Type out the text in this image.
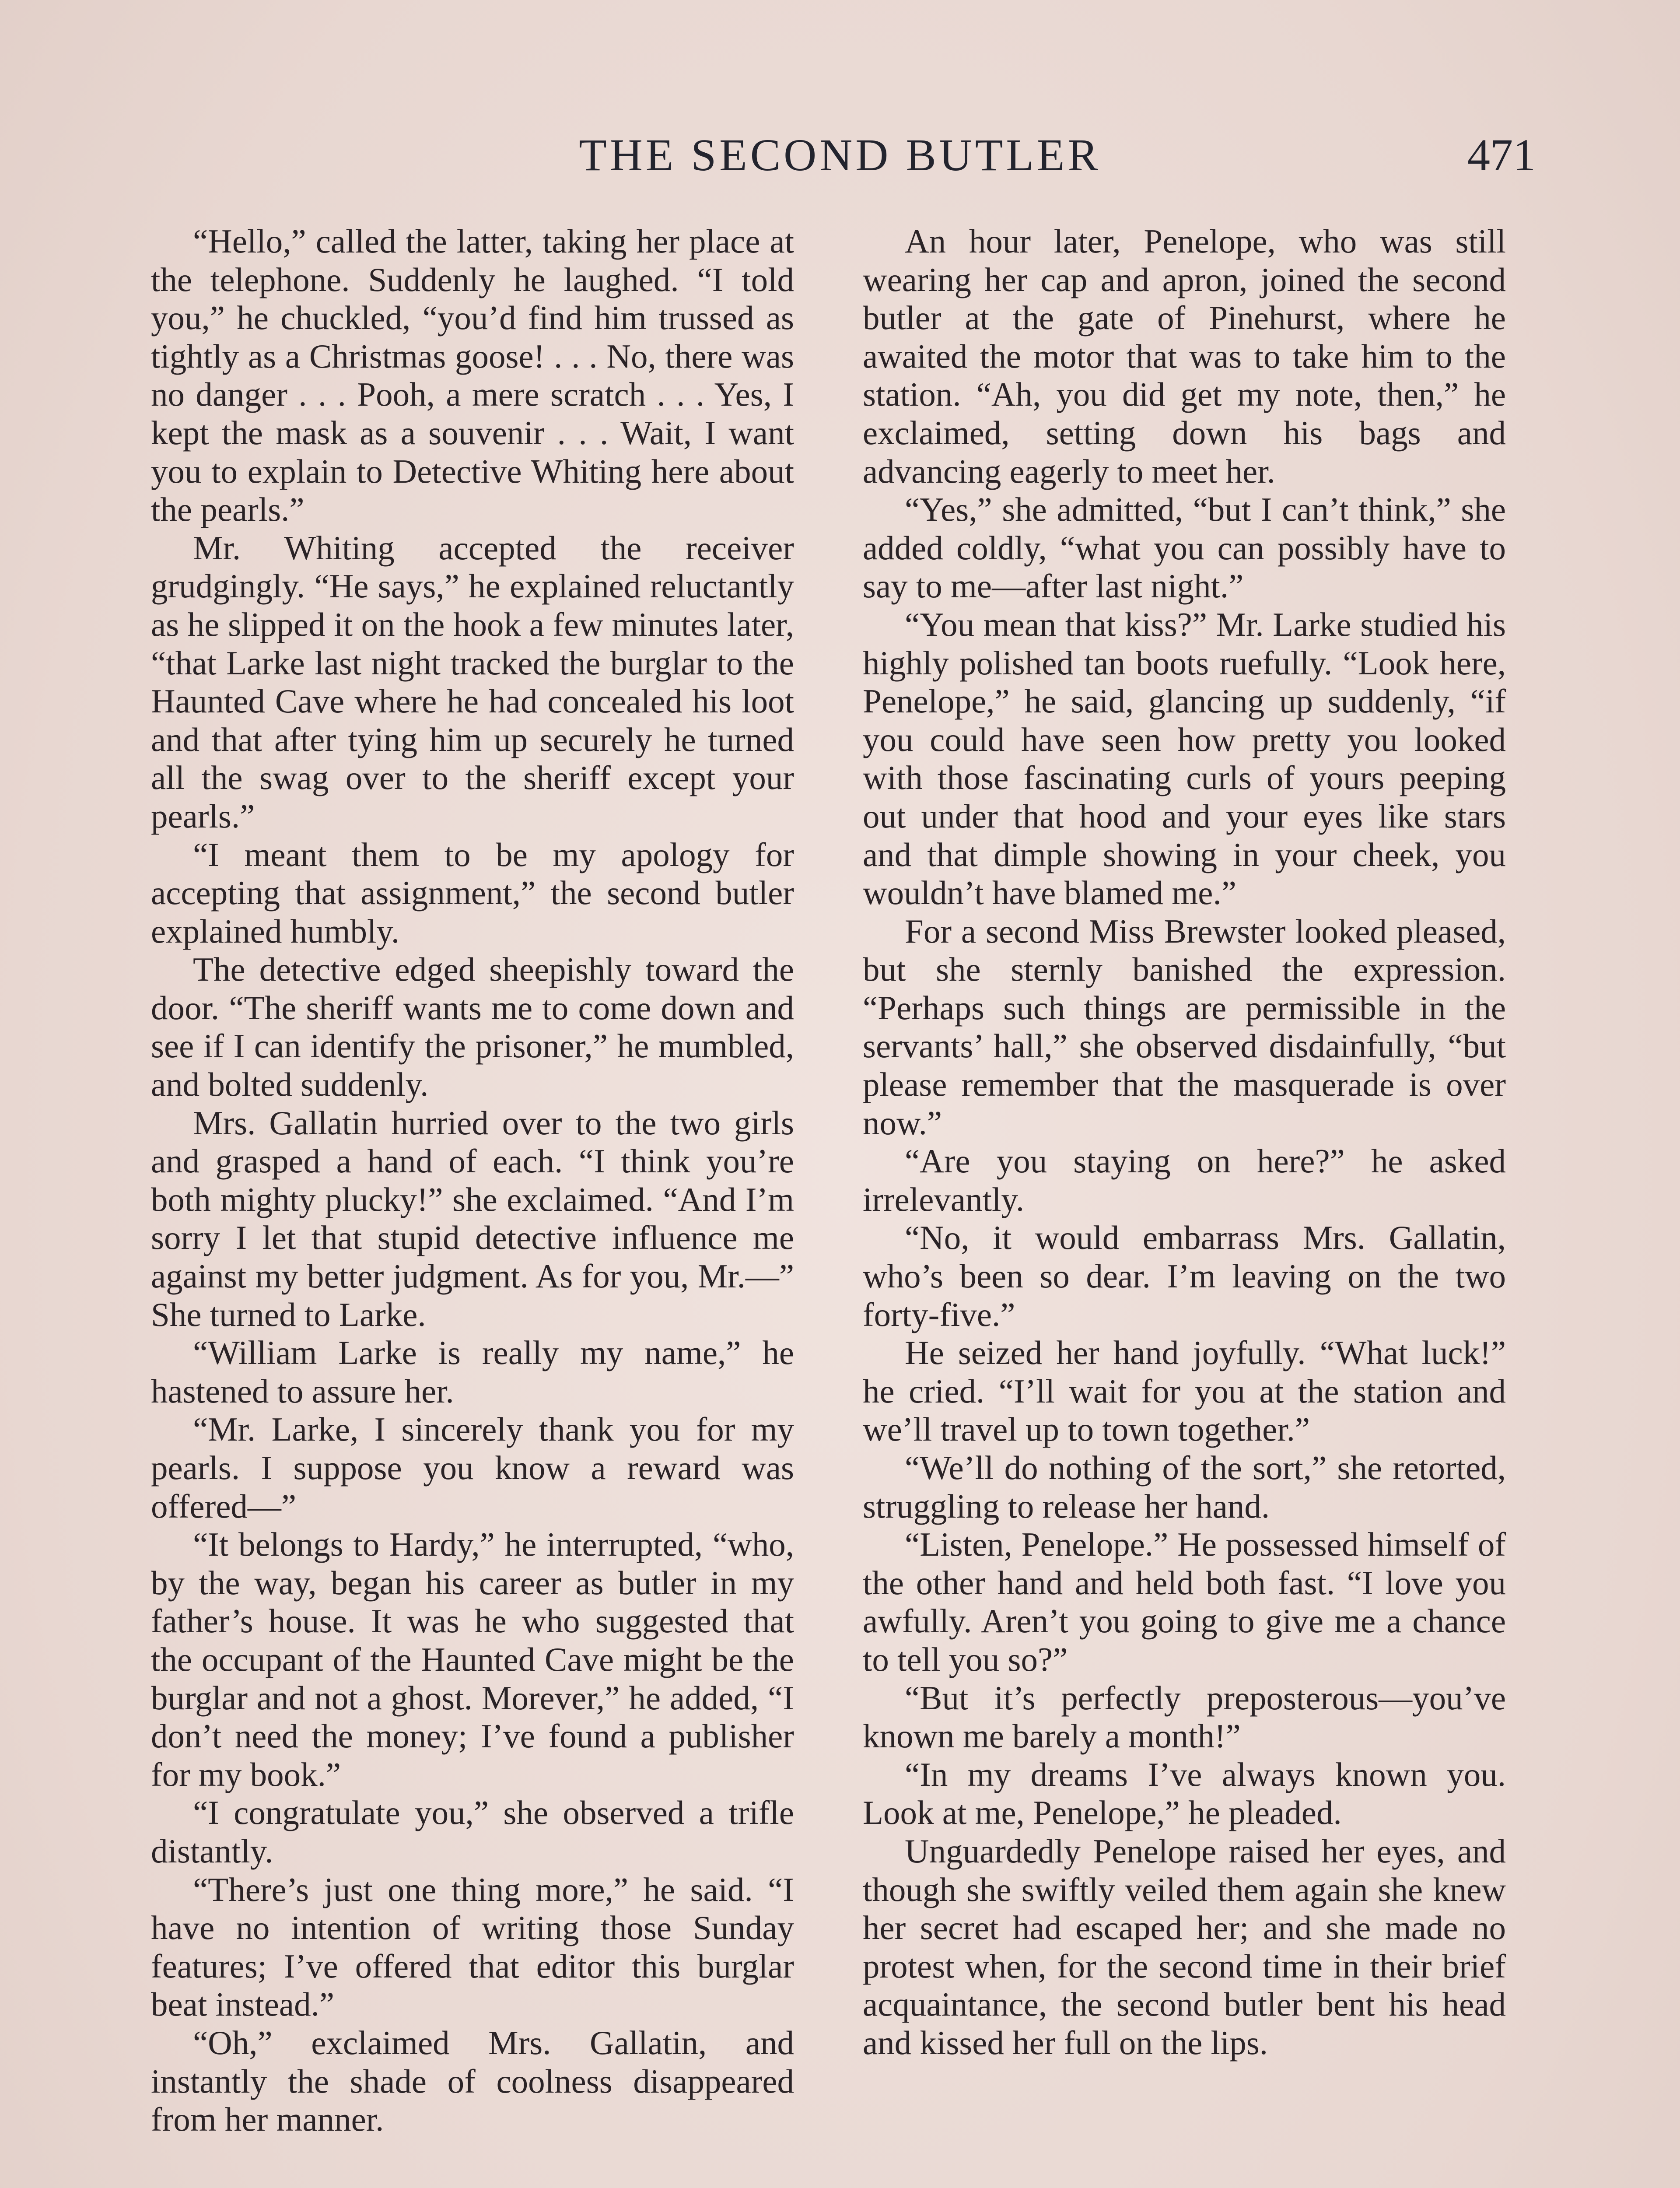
THE SECOND BUTLER	471

“Hello,” called the latter, taking her place at the telephone. Suddenly he laughed. “I told you,” he chuckled, “you’d find him trussed as tightly as a Christmas goose! . . . No, there was no danger . . . Pooh, a mere scratch . . . Yes, I kept the mask as a souvenir . . . Wait, I want you to explain to Detective Whiting here about the pearls.”

Mr. Whiting accepted the receiver grudgingly. “He says,” he explained reluctantly as he slipped it on the hook a few minutes later, “that Larke last night tracked the burglar to the Haunted Cave where he had concealed his loot and that after tying him up securely he turned all the swag over to the sheriff except your pearls.”

“I meant them to be my apology for accepting that assignment,” the second butler explained humbly.

The detective edged sheepishly toward the door. “The sheriff wants me to come down and see if I can identify the prisoner,” he mumbled, and bolted suddenly.

Mrs. Gallatin hurried over to the two girls and grasped a hand of each. “I think you’re both mighty plucky!” she exclaimed. “And I’m sorry I let that stupid detective influence me against my better judgment. As for you, Mr.—” She turned to Larke.

“William Larke is really my name,” he hastened to assure her.

“Mr. Larke, I sincerely thank you for my pearls. I suppose you know a reward was offered—”

“It belongs to Hardy,” he interrupted, “who, by the way, began his career as butler in my father’s house. It was he who suggested that the occupant of the Haunted Cave might be the burglar and not a ghost. Morever,” he added, “I don’t need the money; I’ve found a publisher for my book.”

“I congratulate you,” she observed a trifle distantly.

“There’s just one thing more,” he said. “I have no intention of writing those Sunday features; I’ve offered that editor this burglar beat instead.”

“Oh,” exclaimed Mrs. Gallatin, and instantly the shade of coolness disappeared from her manner.

An hour later, Penelope, who was still wearing her cap and apron, joined the second butler at the gate of Pinehurst, where he awaited the motor that was to take him to the station. “Ah, you did get my note, then,” he exclaimed, setting down his bags and advancing eagerly to meet her.

“Yes,” she admitted, “but I can’t think,” she added coldly, “what you can possibly have to say to me—after last night.”

“You mean that kiss?” Mr. Larke studied his highly polished tan boots ruefully. “Look here, Penelope,” he said, glancing up suddenly, “if you could have seen how pretty you looked with those fascinating curls of yours peeping out under that hood and your eyes like stars and that dimple showing in your cheek, you wouldn’t have blamed me.”

For a second Miss Brewster looked pleased, but she sternly banished the expression. “Perhaps such things are permissible in the servants’ hall,” she observed disdainfully, “but please remember that the masquerade is over now.”

“Are you staying on here?” he asked irrelevantly.

“No, it would embarrass Mrs. Gallatin, who’s been so dear. I’m leaving on the two forty-five.”

He seized her hand joyfully. “What luck!” he cried. “I’ll wait for you at the station and we’ll travel up to town together.”

“We’ll do nothing of the sort,” she retorted, struggling to release her hand.

“Listen, Penelope.” He possessed himself of the other hand and held both fast. “I love you awfully. Aren’t you going to give me a chance to tell you so?”

“But it’s perfectly preposterous—you’ve known me barely a month!”

“In my dreams I’ve always known you. Look at me, Penelope,” he pleaded.

Unguardedly Penelope raised her eyes, and though she swiftly veiled them again she knew her secret had escaped her; and she made no protest when, for the second time in their brief acquaintance, the second butler bent his head and kissed her full on the lips.
